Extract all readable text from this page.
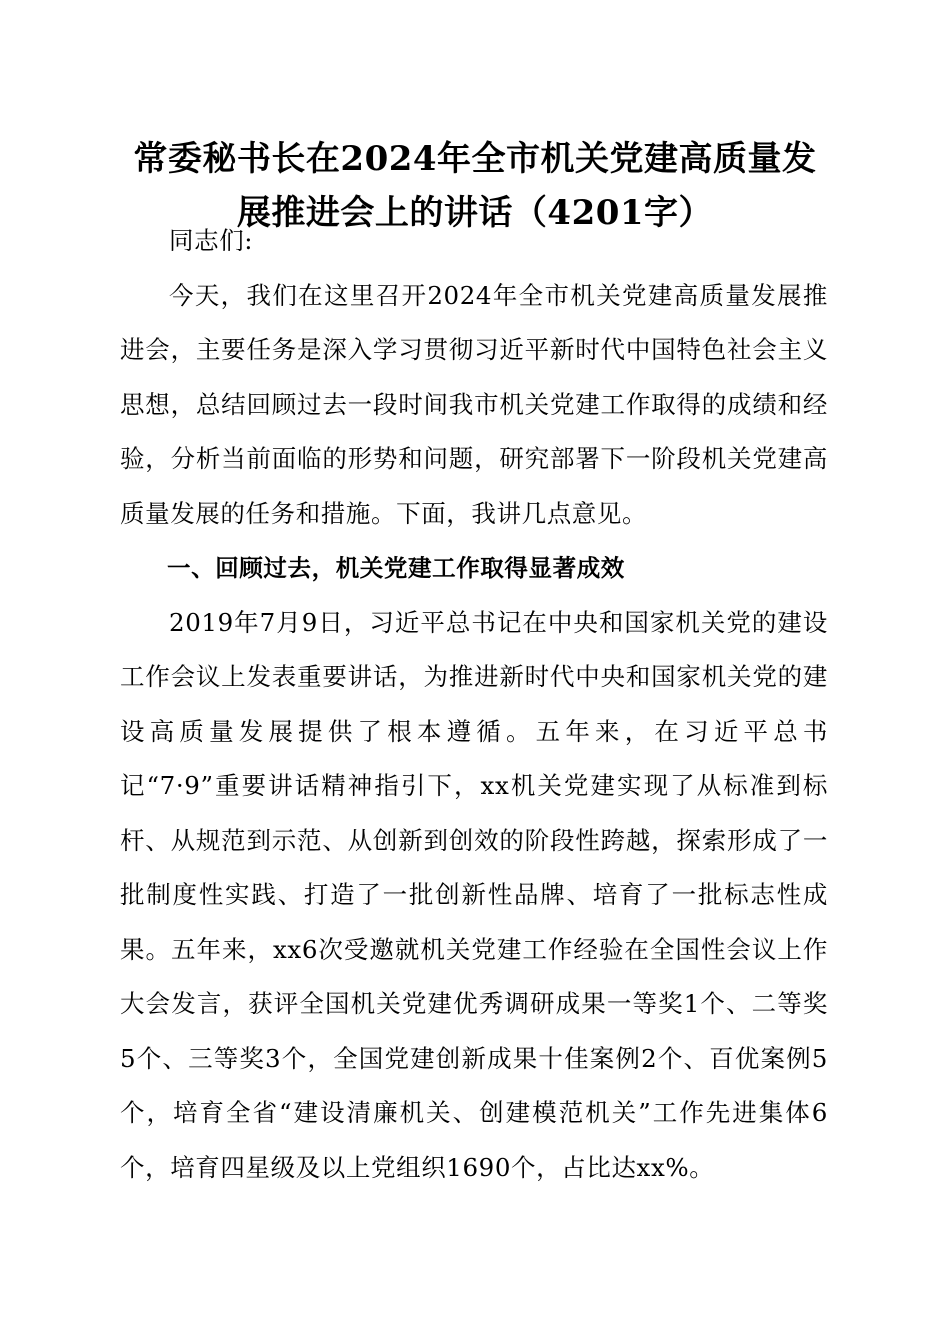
常委秘书长在2024年全市机关党建高质量发展推进会上的讲话（4201字）

同志们:

今天，我们在这里召开2024年全市机关党建高质量发展推进会，主要任务是深入学习贯彻习近平新时代中国特色社会主义思想，总结回顾过去一段时间我市机关党建工作取得的成绩和经验，分析当前面临的形势和问题，研究部署下一阶段机关党建高质量发展的任务和措施。下面，我讲几点意见。

一、回顾过去，机关党建工作取得显著成效

2019年7月9日，习近平总书记在中央和国家机关党的建设工作会议上发表重要讲话，为推进新时代中央和国家机关党的建设高质量发展提供了根本遵循。五年来，在习近平总书记“7·9”重要讲话精神指引下，xx机关党建实现了从标准到标杆、从规范到示范、从创新到创效的阶段性跨越，探索形成了一批制度性实践、打造了一批创新性品牌、培育了一批标志性成果。五年来，xx6次受邀就机关党建工作经验在全国性会议上作大会发言，获评全国机关党建优秀调研成果一等奖1个、二等奖5个、三等奖3个，全国党建创新成果十佳案例2个、百优案例5个，培育全省“建设清廉机关、创建模范机关”工作先进集体6个，培育四星级及以上党组织1690个，占比达xx%。
